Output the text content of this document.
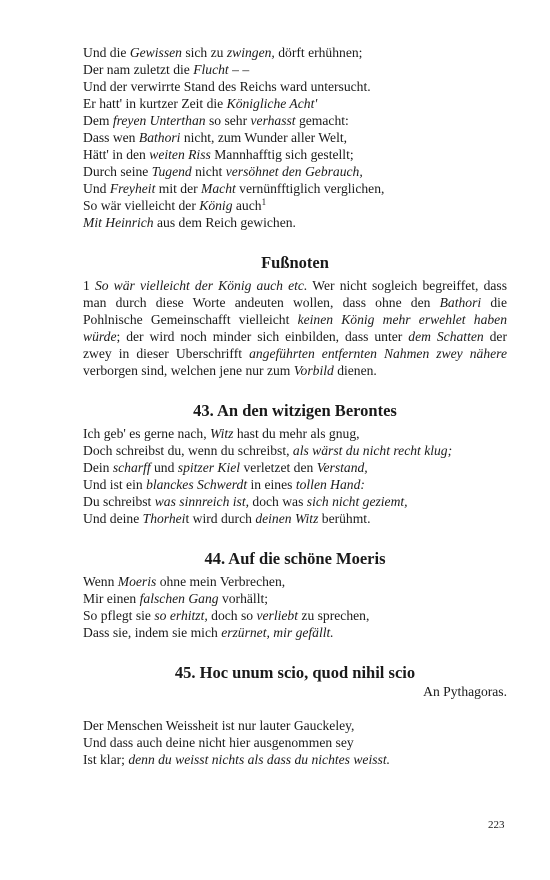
Und die Gewissen sich zu zwingen, dörft erhühnen;
Der nam zuletzt die Flucht – –
Und der verwirrte Stand des Reichs ward untersucht.
Er hatt' in kurtzer Zeit die Königliche Acht'
Dem freyen Unterthan so sehr verhasst gemacht:
Dass wen Bathori nicht, zum Wunder aller Welt,
Hätt' in den weiten Riss Mannhafftig sich gestellt;
Durch seine Tugend nicht versöhnet den Gebrauch,
Und Freyheit mit der Macht vernünfftiglich verglichen,
So wär vielleicht der König auch$^1$
Mit Heinrich aus dem Reich gewichen.
Fußnoten
1 So wär vielleicht der König auch etc. Wer nicht sogleich begreiffet, dass man durch diese Worte andeuten wollen, dass ohne den Bathori die Pohlnische Gemeinschafft vielleicht keinen König mehr erwehlet haben würde; der wird noch minder sich einbilden, dass unter dem Schatten der zwey in dieser Uberschrifft angeführten entfernten Nahmen zwey nähere verborgen sind, welchen jene nur zum Vorbild dienen.
43. An den witzigen Berontes
Ich geb' es gerne nach, Witz hast du mehr als gnug,
Doch schreibst du, wenn du schreibst, als wärst du nicht recht klug;
Dein scharff und spitzer Kiel verletzet den Verstand,
Und ist ein blanckes Schwerdt in eines tollen Hand:
Du schreibst was sinnreich ist, doch was sich nicht geziemt,
Und deine Thorheit wird durch deinen Witz berühmt.
44. Auf die schöne Moeris
Wenn Moeris ohne mein Verbrechen,
Mir einen falschen Gang vorhällt;
So pflegt sie so erhitzt, doch so verliebt zu sprechen,
Dass sie, indem sie mich erzürnet, mir gefällt.
45. Hoc unum scio, quod nihil scio
An Pythagoras.
Der Menschen Weissheit ist nur lauter Gauckeley,
Und dass auch deine nicht hier ausgenommen sey
Ist klar; denn du weisst nichts als dass du nichtes weisst.
223
